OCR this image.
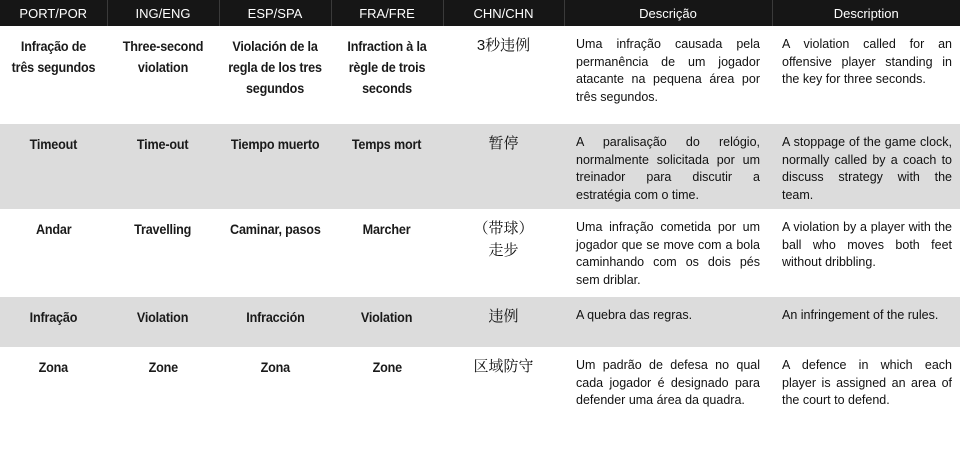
PORT/POR	ING/ENG	ESP/SPA	FRA/FRE	CHN/CHN	Descrição	Description
Infração de três segundos	Three-second violation	Violación de la regla de los tres segundos	Infraction à la règle de trois seconds	3秒违例	Uma infração causada pela permanência de um jogador atacante na pequena área por três segundos.	A violation called for an offensive player standing in the key for three seconds.
Timeout	Time-out	Tiempo muerto	Temps mort	暂停	A paralisação do relógio, normalmente solicitada por um treinador para discutir a estratégia com o time.	A stoppage of the game clock, normally called by a coach to discuss strategy with the team.
Andar	Travelling	Caminar, pasos	Marcher	（带球）走步	Uma infração cometida por um jogador que se move com a bola caminhando com os dois pés sem driblar.	A violation by a player with the ball who moves both feet without dribbling.
Infração	Violation	Infracción	Violation	违例	A quebra das regras.	An infringement of the rules.
Zona	Zone	Zona	Zone	区域防守	Um padrão de defesa no qual cada jogador é designado para defender uma área da quadra.	A defence in which each player is assigned an area of the court to defend.
